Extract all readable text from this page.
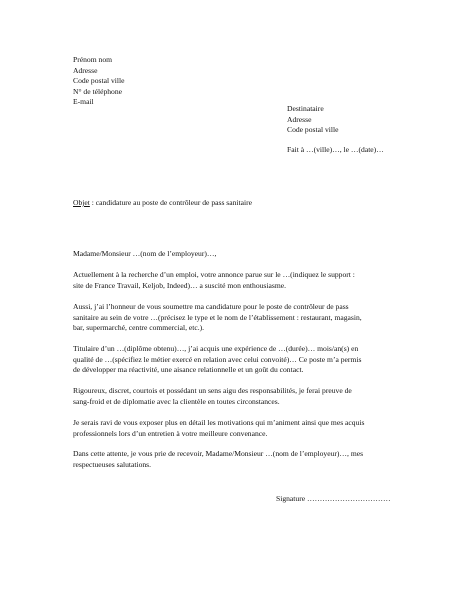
Prénom nom
Adresse
Code postal ville
N° de téléphone
E-mail
Destinataire
Adresse
Code postal ville
Fait à …(ville)…, le …(date)…
Objet : candidature au poste de contrôleur de pass sanitaire
Madame/Monsieur …(nom de l’employeur)…,
Actuellement à la recherche d’un emploi, votre annonce parue sur le …(indiquez le support :
site de France Travail, Keljob, Indeed)… a suscité mon enthousiasme.
Aussi, j’ai l’honneur de vous soumettre ma candidature pour le poste de contrôleur de pass
sanitaire au sein de votre …(précisez le type et le nom de l’établissement : restaurant, magasin,
bar, supermarché, centre commercial, etc.).
Titulaire d’un …(diplôme obtenu)…, j’ai acquis une expérience de …(durée)… mois/an(s) en
qualité de …(spécifiez le métier exercé en relation avec celui convoité)… Ce poste m’a permis
de développer ma réactivité, une aisance relationnelle et un goût du contact.
Rigoureux, discret, courtois et possédant un sens aigu des responsabilités, je ferai preuve de
sang-froid et de diplomatie avec la clientèle en toutes circonstances.
Je serais ravi de vous exposer plus en détail les motivations qui m’animent ainsi que mes acquis
professionnels lors d’un entretien à votre meilleure convenance.
Dans cette attente, je vous prie de recevoir, Madame/Monsieur …(nom de l’employeur)…, mes
respectueuses salutations.
Signature ……………………………
